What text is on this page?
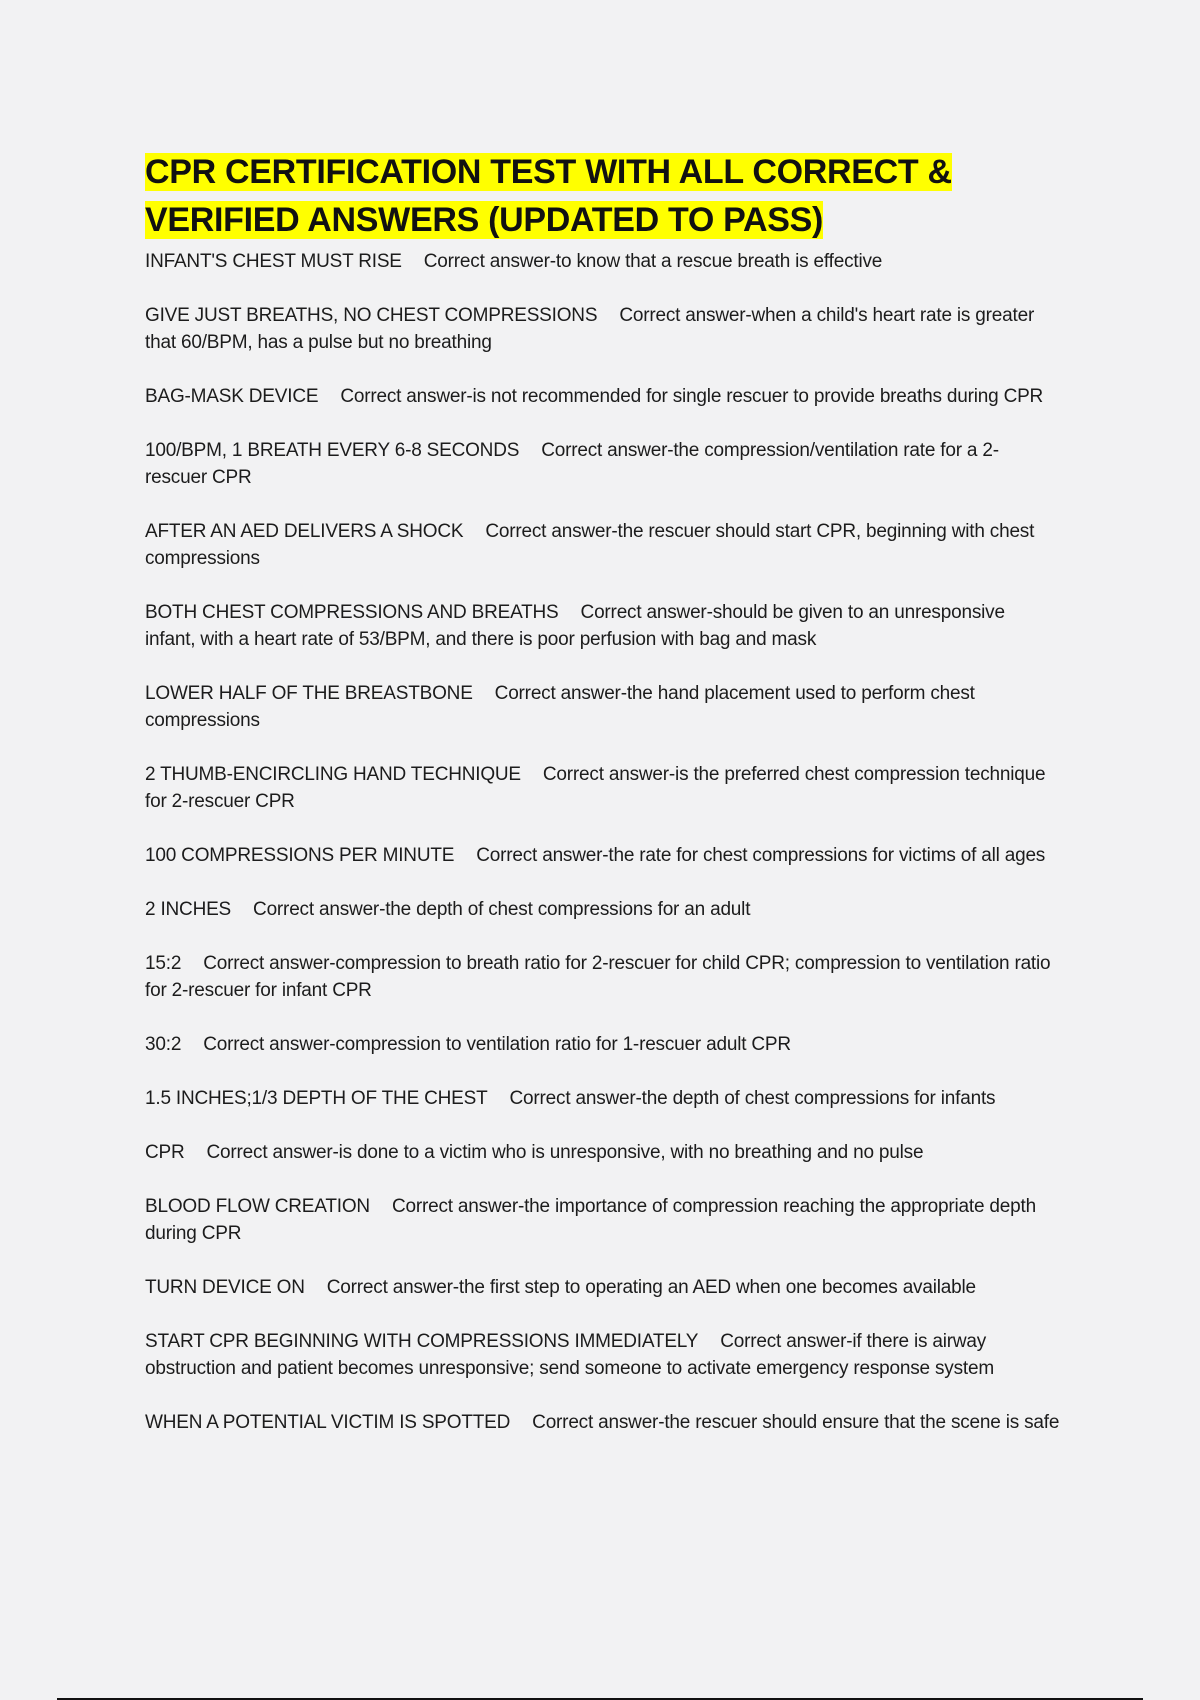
CPR CERTIFICATION TEST WITH ALL CORRECT & VERIFIED ANSWERS (UPDATED TO PASS)

INFANT'S CHEST MUST RISE Correct answer-to know that a rescue breath is effective

GIVE JUST BREATHS, NO CHEST COMPRESSIONS Correct answer-when a child's heart rate is greater that 60/BPM, has a pulse but no breathing

BAG-MASK DEVICE Correct answer-is not recommended for single rescuer to provide breaths during CPR

100/BPM, 1 BREATH EVERY 6-8 SECONDS Correct answer-the compression/ventilation rate for a 2-rescuer CPR

AFTER AN AED DELIVERS A SHOCK Correct answer-the rescuer should start CPR, beginning with chest compressions

BOTH CHEST COMPRESSIONS AND BREATHS Correct answer-should be given to an unresponsive infant, with a heart rate of 53/BPM, and there is poor perfusion with bag and mask

LOWER HALF OF THE BREASTBONE Correct answer-the hand placement used to perform chest compressions

2 THUMB-ENCIRCLING HAND TECHNIQUE Correct answer-is the preferred chest compression technique for 2-rescuer CPR

100 COMPRESSIONS PER MINUTE Correct answer-the rate for chest compressions for victims of all ages

2 INCHES Correct answer-the depth of chest compressions for an adult

15:2 Correct answer-compression to breath ratio for 2-rescuer for child CPR; compression to ventilation ratio for 2-rescuer for infant CPR

30:2 Correct answer-compression to ventilation ratio for 1-rescuer adult CPR

1.5 INCHES;1/3 DEPTH OF THE CHEST Correct answer-the depth of chest compressions for infants

CPR Correct answer-is done to a victim who is unresponsive, with no breathing and no pulse

BLOOD FLOW CREATION Correct answer-the importance of compression reaching the appropriate depth during CPR

TURN DEVICE ON Correct answer-the first step to operating an AED when one becomes available

START CPR BEGINNING WITH COMPRESSIONS IMMEDIATELY Correct answer-if there is airway obstruction and patient becomes unresponsive; send someone to activate emergency response system

WHEN A POTENTIAL VICTIM IS SPOTTED Correct answer-the rescuer should ensure that the scene is safe
